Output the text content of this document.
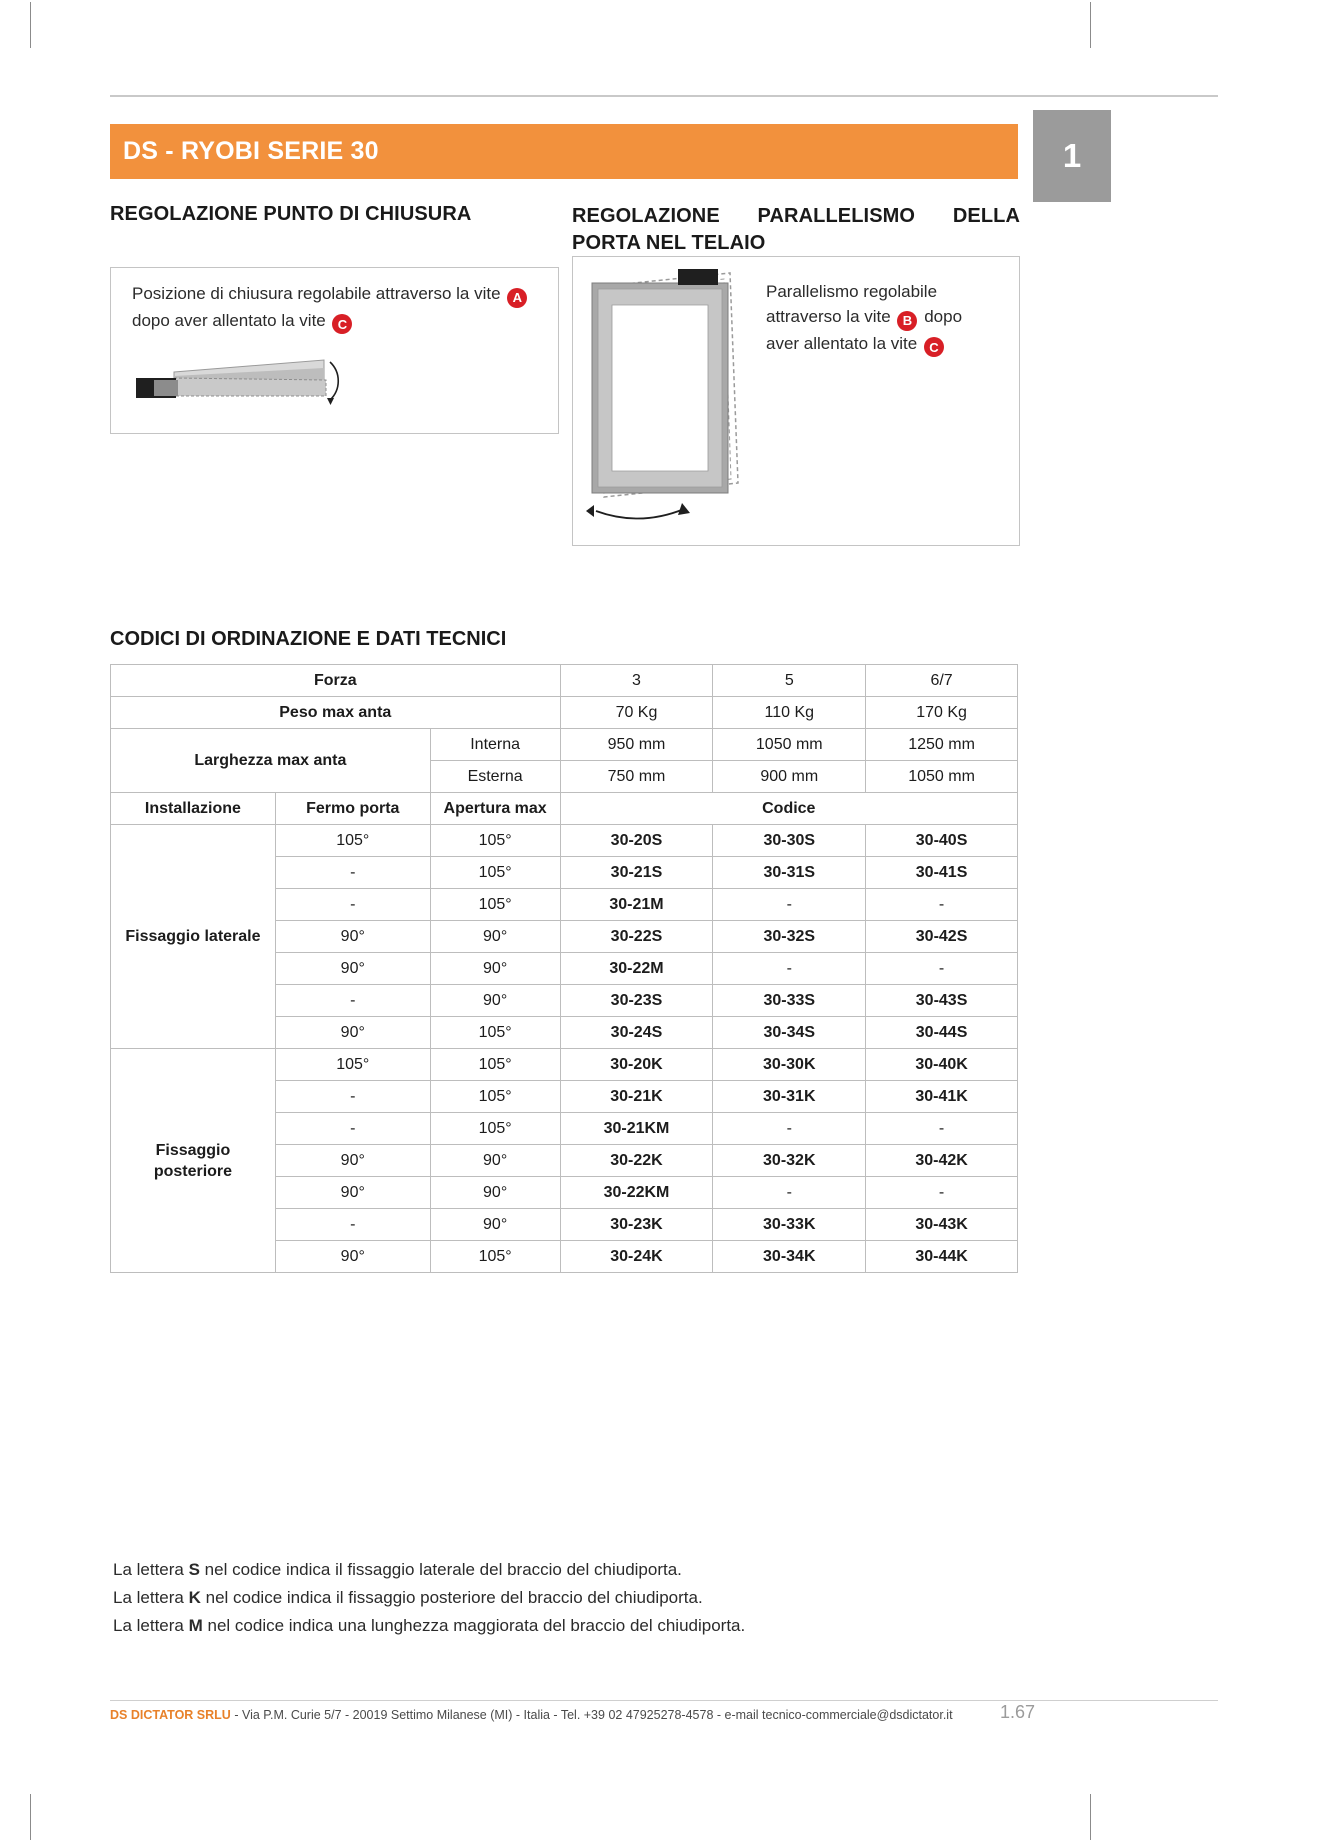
DS - RYOBI SERIE 30	1
REGOLAZIONE PUNTO DI CHIUSURA	REGOLAZIONE PARALLELISMO DELLA
PORTA NEL TELAIO
Posizione di chiusura regolabile attraverso la vite A dopo aver allentato la vite C
Parallelismo regolabile attraverso la vite B dopo aver allentato la vite C
CODICI DI ORDINAZIONE E DATI TECNICI
Forza			3	5	6/7
Peso max anta			70 Kg	110 Kg	170 Kg
Larghezza max anta		Interna	950 mm	1050 mm	1250 mm
		Esterna	750 mm	900 mm	1050 mm
Installazione	Fermo porta	Apertura max	Codice		
Fissaggio laterale	105°	105°	30-20S	30-30S	30-40S
	-	105°	30-21S	30-31S	30-41S
	-	105°	30-21M	-	-
	90°	90°	30-22S	30-32S	30-42S
	90°	90°	30-22M	-	-
	-	90°	30-23S	30-33S	30-43S
	90°	105°	30-24S	30-34S	30-44S
Fissaggio posteriore	105°	105°	30-20K	30-30K	30-40K
	-	105°	30-21K	30-31K	30-41K
	-	105°	30-21KM	-	-
	90°	90°	30-22K	30-32K	30-42K
	90°	90°	30-22KM	-	-
	-	90°	30-23K	30-33K	30-43K
	90°	105°	30-24K	30-34K	30-44K
La lettera S nel codice indica il fissaggio laterale del braccio del chiudiporta.
La lettera K nel codice indica il fissaggio posteriore del braccio del chiudiporta.
La lettera M nel codice indica una lunghezza maggiorata del braccio del chiudiporta.
DS DICTATOR SRLU - Via P.M. Curie 5/7 - 20019 Settimo Milanese (MI) - Italia - Tel. +39 02 47925278-4578 - e-mail tecnico-commerciale@dsdictator.it	1.67
